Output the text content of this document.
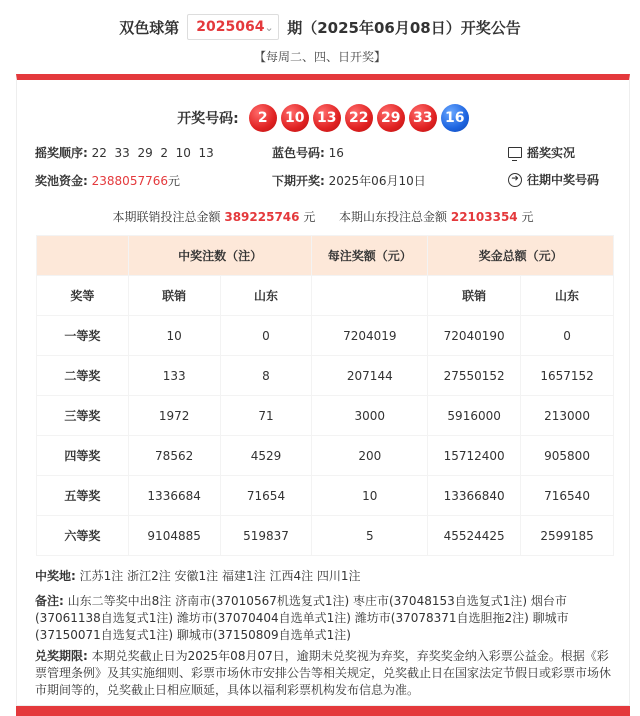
双色球第 2025064 ⌄ 期（2025年06月08日）开奖公告
【每周二、四、日开奖】
开奖号码:	2	10 13 22 29 33 16
摇奖顺序: 22  33  29  2  10  13	蓝色号码: 16	摇奖实况
奖池资金: 2388057766元	下期开奖: 2025年06月10日	➜ 往期中奖号码
本期联销投注总金额 389225746 元 本期山东投注总金额 22103354 元
	中奖注数（注）		每注奖额（元）	奖金总额（元）	
奖等	联销	山东		联销	山东
一等奖	10	0	7204019	72040190	0
二等奖	133	8	207144	27550152	1657152
三等奖	1972	71	3000	5916000	213000
四等奖	78562	4529	200	15712400	905800
五等奖	1336684	71654	10	13366840	716540
六等奖	9104885	519837	5	45524425	2599185
中奖地: 江苏1注 浙江2注 安徽1注 福建1注 江西4注 四川1注
备注: 山东二等奖中出8注 济南市(37010567机选复式1注) 枣庄市(37048153自选复式1注) 烟台市(37061138自选复式1注) 潍坊市(37070404自选单式1注) 潍坊市(37078371自选胆拖2注) 聊城市(37150071自选复式1注) 聊城市(37150809自选单式1注)
兑奖期限: 本期兑奖截止日为2025年08月07日，逾期未兑奖视为弃奖，弃奖奖金纳入彩票公益金。根据《彩票管理条例》及其实施细则、彩票市场休市安排公告等相关规定，兑奖截止日在国家法定节假日或彩票市场休市期间等的，兑奖截止日相应顺延，具体以福利彩票机构发布信息为准。
